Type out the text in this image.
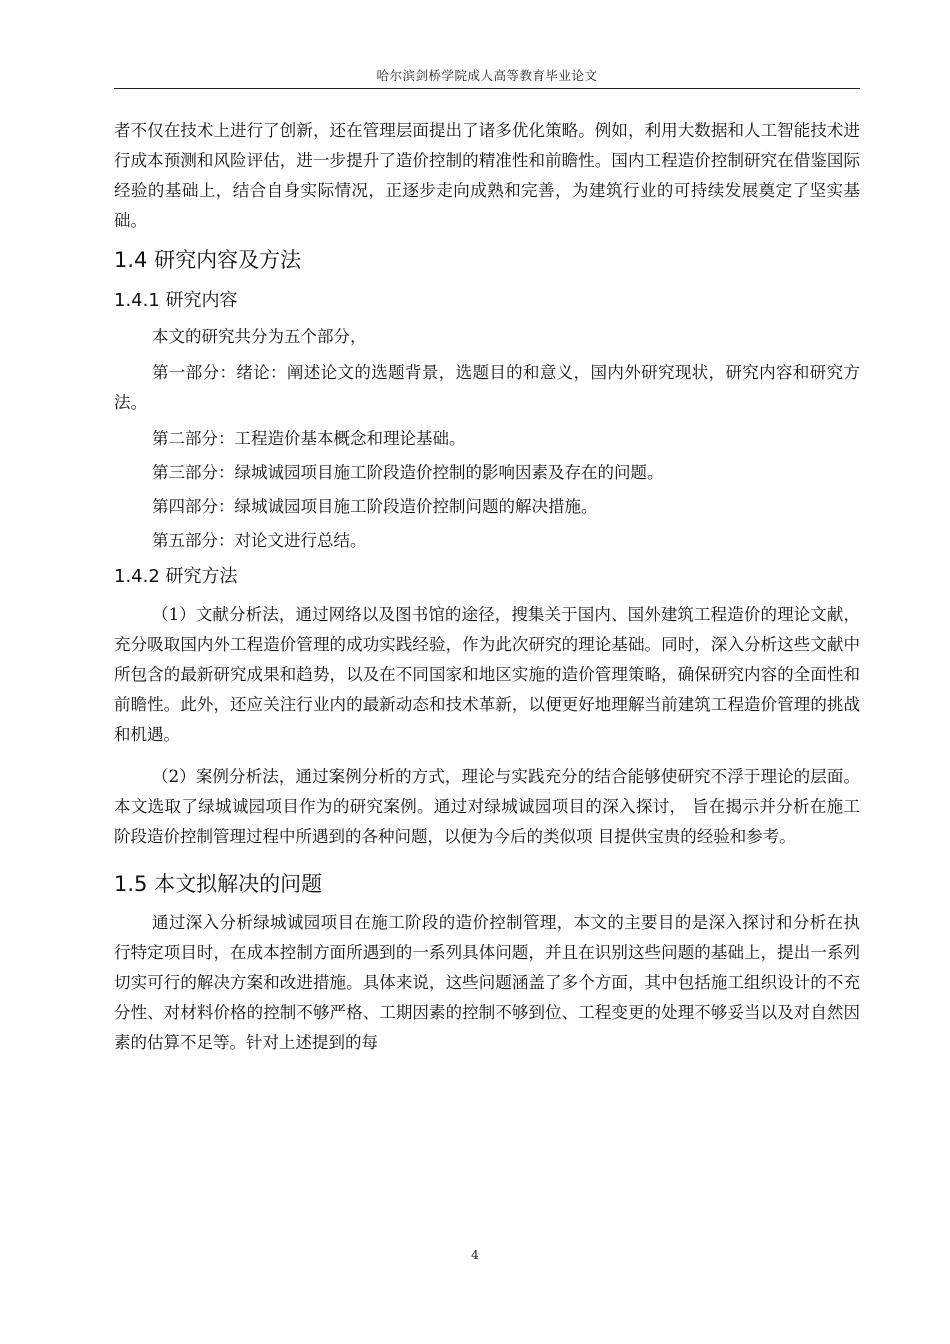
哈尔滨剑桥学院成人高等教育毕业论文

者不仅在技术上进行了创新，还在管理层面提出了诸多优化策略。例如，利用大数据和人工智能技术进行成本预测和风险评估，进一步提升了造价控制的精准性和前瞻性。国内工程造价控制研究在借鉴国际经验的基础上，结合自身实际情况，正逐步走向成熟和完善，为建筑行业的可持续发展奠定了坚实基础。

1.4 研究内容及方法
1.4.1 研究内容

本文的研究共分为五个部分，

第一部分：绪论：阐述论文的选题背景，选题目的和意义，国内外研究现状，研究内容和研究方法。

第二部分：工程造价基本概念和理论基础。

第三部分：绿城诚园项目施工阶段造价控制的影响因素及存在的问题。

第四部分：绿城诚园项目施工阶段造价控制问题的解决措施。

第五部分：对论文进行总结。

1.4.2 研究方法

（1）文献分析法，通过网络以及图书馆的途径，搜集关于国内、国外建筑工程造价的理论文献，充分吸取国内外工程造价管理的成功实践经验，作为此次研究的理论基础。同时，深入分析这些文献中所包含的最新研究成果和趋势，以及在不同国家和地区实施的造价管理策略，确保研究内容的全面性和前瞻性。此外，还应关注行业内的最新动态和技术革新，以便更好地理解当前建筑工程造价管理的挑战和机遇。

（2）案例分析法，通过案例分析的方式，理论与实践充分的结合能够使研究不浮于理论的层面。本文选取了绿城诚园项目作为的研究案例。通过对绿城诚园项目的深入探讨， 旨在揭示并分析在施工阶段造价控制管理过程中所遇到的各种问题，以便为今后的类似项 目提供宝贵的经验和参考。

1.5 本文拟解决的问题

通过深入分析绿城诚园项目在施工阶段的造价控制管理，本文的主要目的是深入探讨和分析在执行特定项目时，在成本控制方面所遇到的一系列具体问题，并且在识别这些问题的基础上，提出一系列切实可行的解决方案和改进措施。具体来说，这些问题涵盖了多个方面，其中包括施工组织设计的不充分性、对材料价格的控制不够严格、工期因素的控制不够到位、工程变更的处理不够妥当以及对自然因素的估算不足等。针对上述提到的每

4
